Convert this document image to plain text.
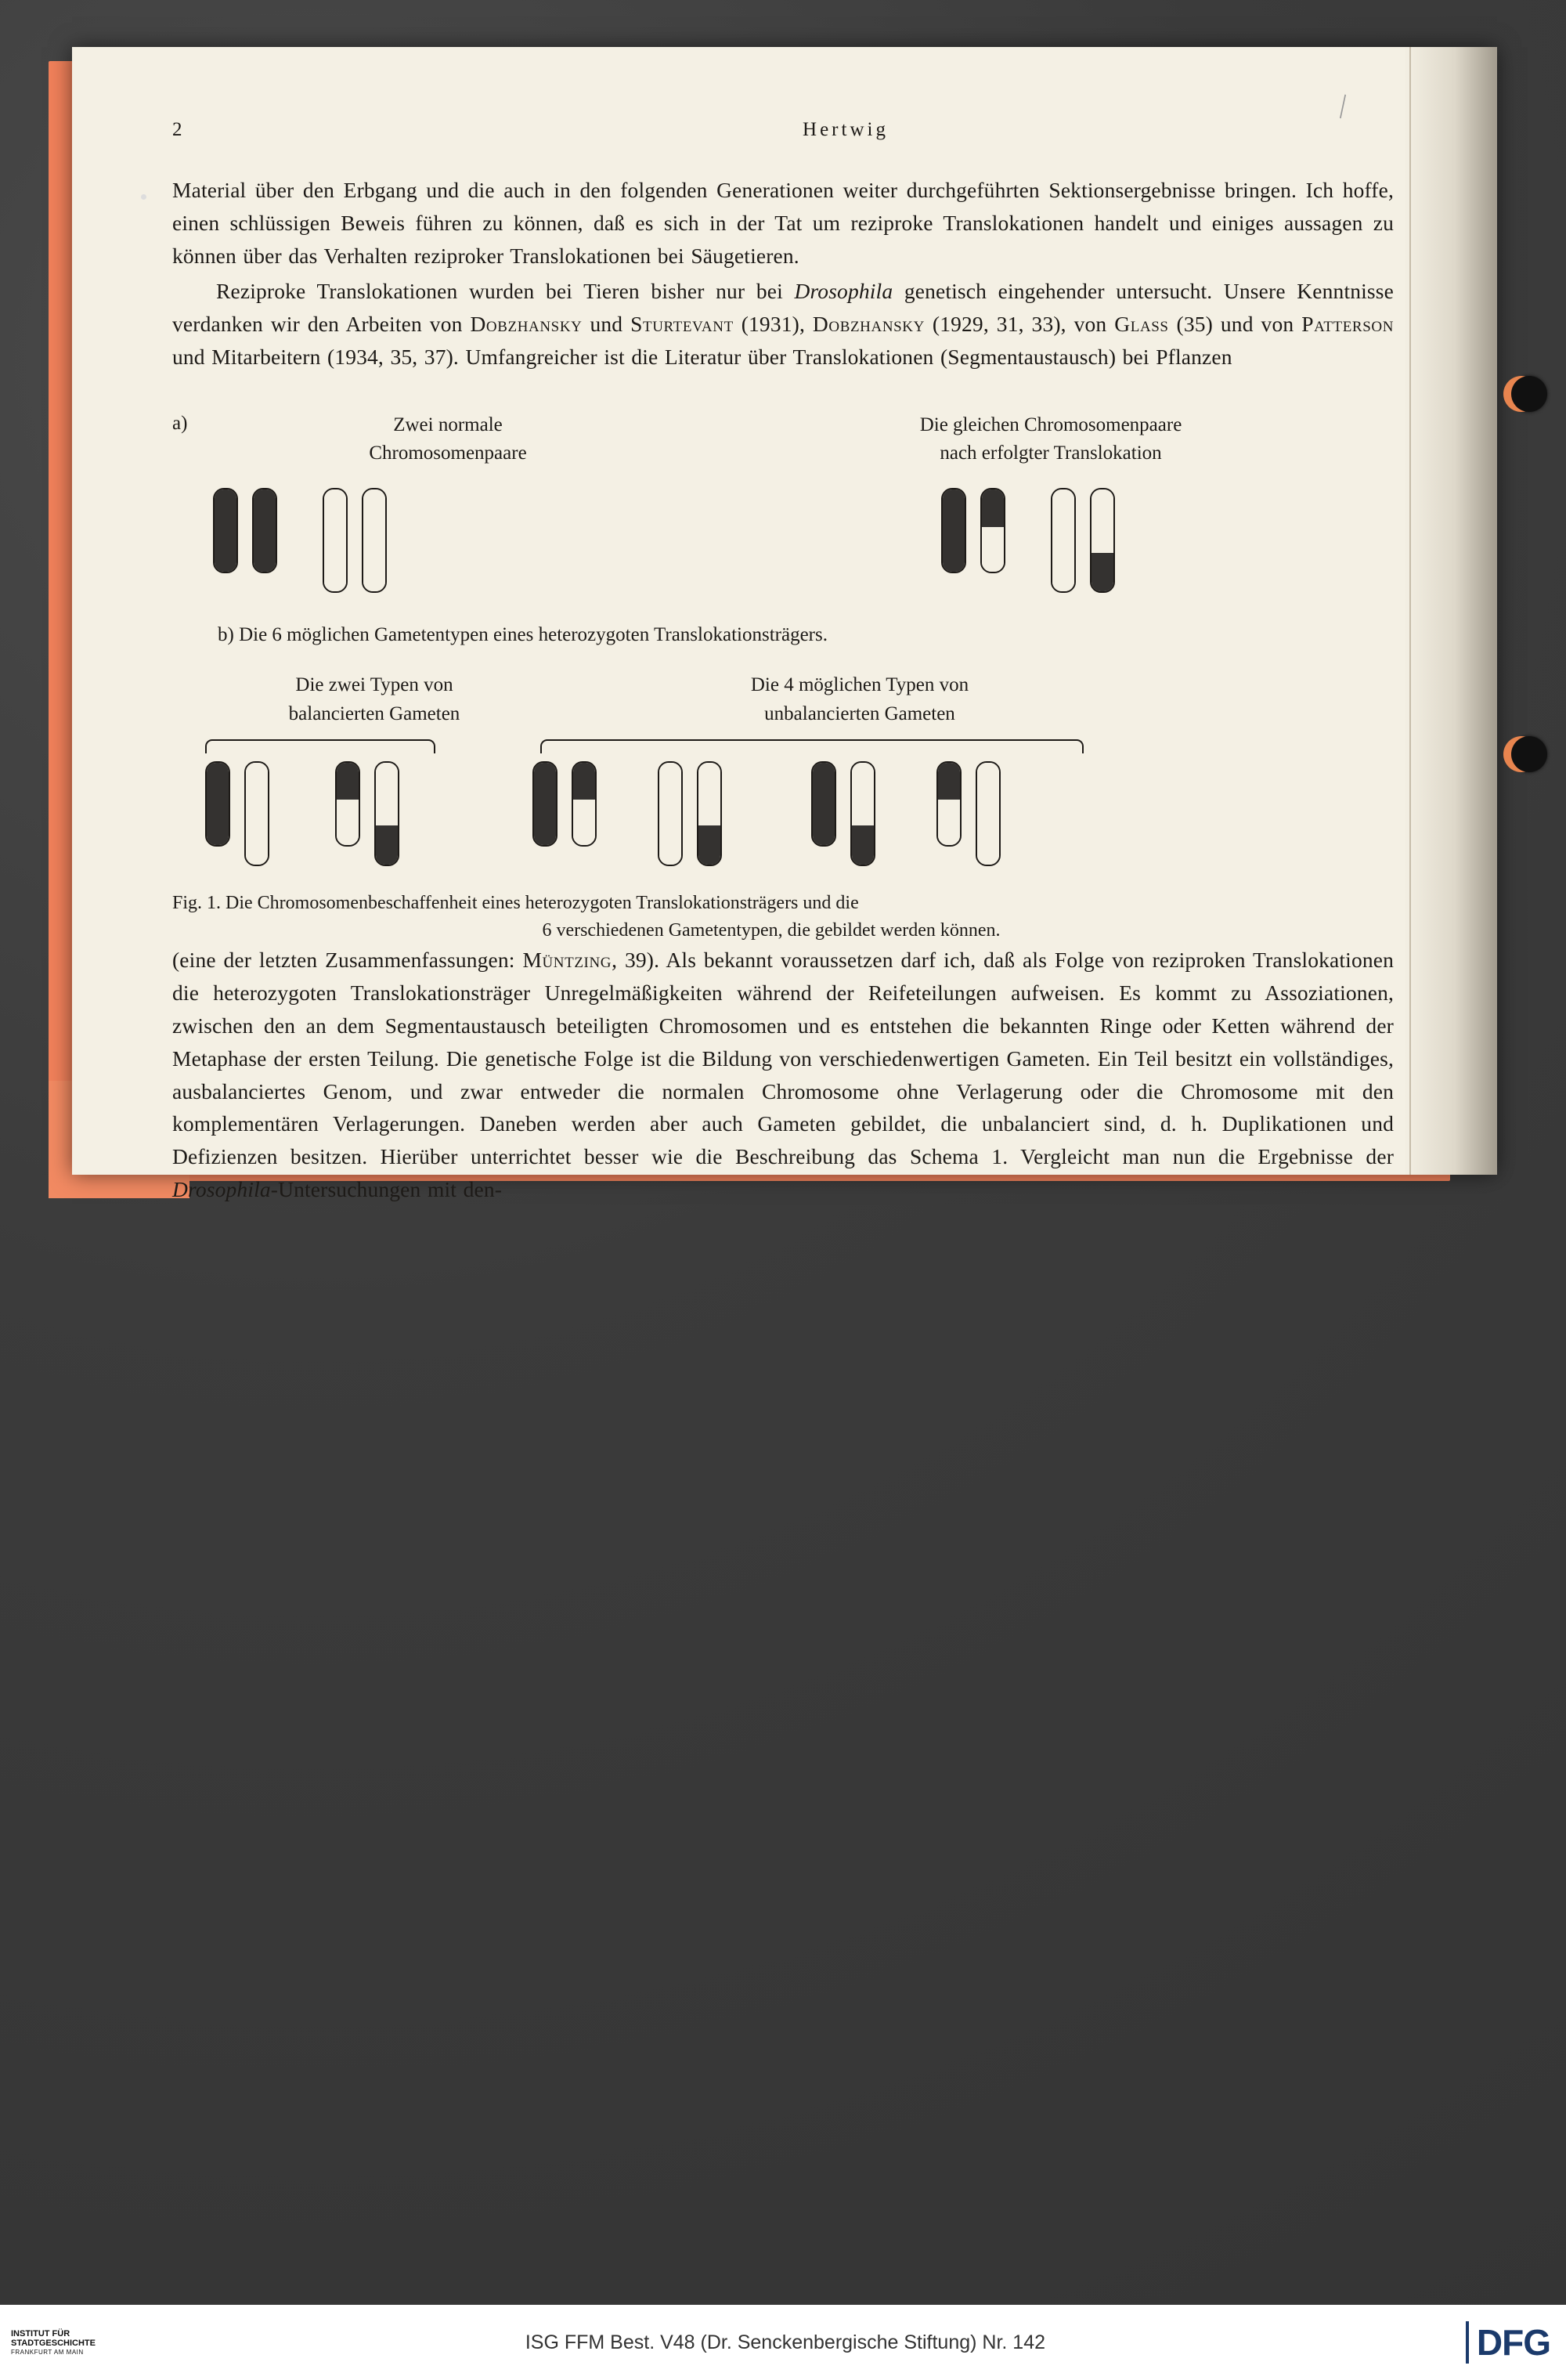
|
2	Hertwig

Material über den Erbgang und die auch in den folgenden Generationen weiter durchgeführten Sektionsergebnisse bringen. Ich hoffe, einen schlüssigen Beweis führen zu können, daß es sich in der Tat um reziproke Translokationen handelt und einiges aussagen zu können über das Verhalten reziproker Translokationen bei Säugetieren.

Reziproke Translokationen wurden bei Tieren bisher nur bei Drosophila genetisch eingehender untersucht. Unsere Kenntnisse verdanken wir den Arbeiten von Dobzhansky und Sturtevant (1931), Dobzhansky (1929, 31, 33), von Glass (35) und von Patterson und Mitarbeitern (1934, 35, 37). Umfangreicher ist die Literatur über Translokationen (Segmentaustausch) bei Pflanzen

a)	Zwei normale
Chromosomenpaare
Die gleichen Chromosomenpaare
nach erfolgter Translokation
b) Die 6 möglichen Gametentypen eines heterozygoten Translokationsträgers.
Die zwei Typen von
balancierten Gameten
Die 4 möglichen Typen von
unbalancierten Gameten
Fig. 1. Die Chromosomenbeschaffenheit eines heterozygoten Translokationsträgers und die
6 verschiedenen Gametentypen, die gebildet werden können.

(eine der letzten Zusammenfassungen: Müntzing, 39). Als bekannt voraussetzen darf ich, daß als Folge von reziproken Translokationen die heterozygoten Translokationsträger Unregelmäßigkeiten während der Reifeteilungen aufweisen. Es kommt zu Assoziationen, zwischen den an dem Segmentaustausch beteiligten Chromosomen und es entstehen die bekannten Ringe oder Ketten während der Metaphase der ersten Teilung. Die genetische Folge ist die Bildung von verschiedenwertigen Gameten. Ein Teil besitzt ein vollständiges, ausbalanciertes Genom, und zwar entweder die normalen Chromosome ohne Verlagerung oder die Chromosome mit den komplementären Verlagerungen. Daneben werden aber auch Gameten gebildet, die unbalanciert sind, d. h. Duplikationen und Defizienzen besitzen. Hierüber unterrichtet besser wie die Beschreibung das Schema 1. Vergleicht man nun die Ergebnisse der Drosophila-Untersuchungen mit den-

INSTITUT FÜR
STADTGESCHICHTE
FRANKFURT AM MAIN	ISG FFM Best. V48 (Dr. Senckenbergische Stiftung) Nr. 142	DFG
